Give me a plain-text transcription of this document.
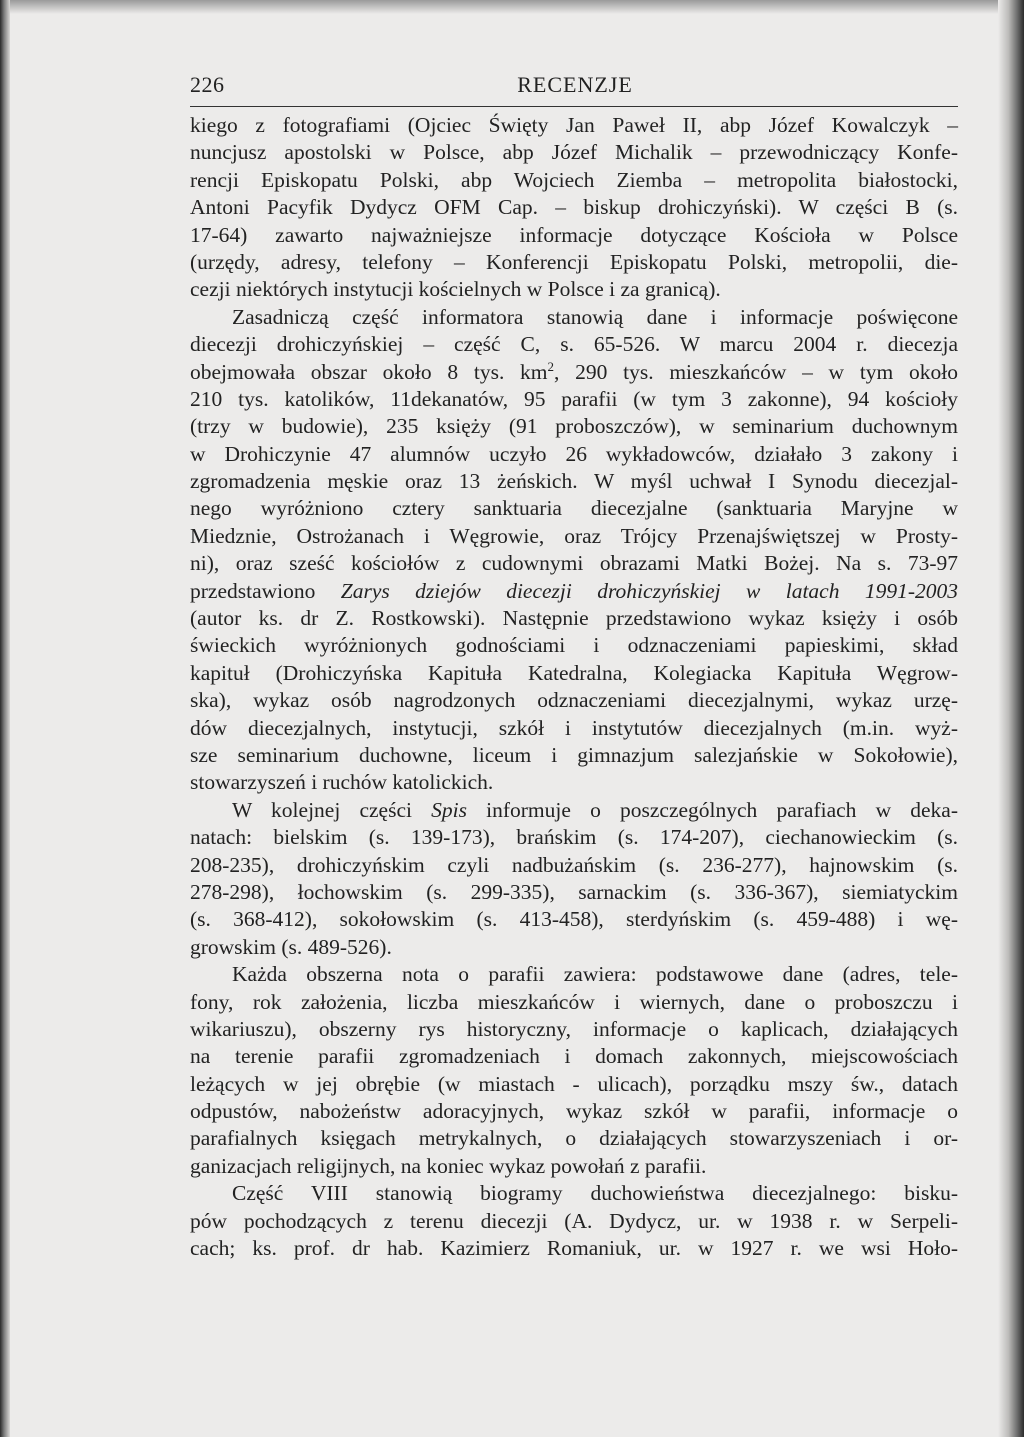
226	RECENZJE
kiego z fotografiami (Ojciec Święty Jan Paweł II, abp Józef Kowalczyk –
nuncjusz apostolski w Polsce, abp Józef Michalik – przewodniczący Konfe-
rencji Episkopatu Polski, abp Wojciech Ziemba – metropolita białostocki,
Antoni Pacyfik Dydycz OFM Cap. – biskup drohiczyński). W części B (s.
17-64) zawarto najważniejsze informacje dotyczące Kościoła w Polsce
(urzędy, adresy, telefony – Konferencji Episkopatu Polski, metropolii, die-
cezji niektórych instytucji kościelnych w Polsce i za granicą).
Zasadniczą część informatora stanowią dane i informacje poświęcone
diecezji drohiczyńskiej – część C, s. 65-526. W marcu 2004 r. diecezja
obejmowała obszar około 8 tys. $km^2$, 290 tys. mieszkańców – w tym około
210 tys. katolików, 11dekanatów, 95 parafii (w tym 3 zakonne), 94 kościoły
(trzy w budowie), 235 księży (91 proboszczów), w seminarium duchownym
w Drohiczynie 47 alumnów uczyło 26 wykładowców, działało 3 zakony i
zgromadzenia męskie oraz 13 żeńskich. W myśl uchwał I Synodu diecezjal-
nego wyróżniono cztery sanktuaria diecezjalne (sanktuaria Maryjne w
Miedznie, Ostrożanach i Węgrowie, oraz Trójcy Przenajświętszej w Prosty-
ni), oraz sześć kościołów z cudownymi obrazami Matki Bożej. Na s. 73-97
przedstawiono Zarys dziejów diecezji drohiczyńskiej w latach 1991-2003
(autor ks. dr Z. Rostkowski). Następnie przedstawiono wykaz księży i osób
świeckich wyróżnionych godnościami i odznaczeniami papieskimi, skład
kapituł (Drohiczyńska Kapituła Katedralna, Kolegiacka Kapituła Węgrow-
ska), wykaz osób nagrodzonych odznaczeniami diecezjalnymi, wykaz urzę-
dów diecezjalnych, instytucji, szkół i instytutów diecezjalnych (m.in. wyż-
sze seminarium duchowne, liceum i gimnazjum salezjańskie w Sokołowie),
stowarzyszeń i ruchów katolickich.
W kolejnej części Spis informuje o poszczególnych parafiach w deka-
natach: bielskim (s. 139-173), brańskim (s. 174-207), ciechanowieckim (s.
208-235), drohiczyńskim czyli nadbużańskim (s. 236-277), hajnowskim (s.
278-298), łochowskim (s. 299-335), sarnackim (s. 336-367), siemiatyckim
(s. 368-412), sokołowskim (s. 413-458), sterdyńskim (s. 459-488) i wę-
growskim (s. 489-526).
Każda obszerna nota o parafii zawiera: podstawowe dane (adres, tele-
fony, rok założenia, liczba mieszkańców i wiernych, dane o proboszczu i
wikariuszu), obszerny rys historyczny, informacje o kaplicach, działających
na terenie parafii zgromadzeniach i domach zakonnych, miejscowościach
leżących w jej obrębie (w miastach - ulicach), porządku mszy św., datach
odpustów, nabożeństw adoracyjnych, wykaz szkół w parafii, informacje o
parafialnych księgach metrykalnych, o działających stowarzyszeniach i or-
ganizacjach religijnych, na koniec wykaz powołań z parafii.
Część VIII stanowią biogramy duchowieństwa diecezjalnego: bisku-
pów pochodzących z terenu diecezji (A. Dydycz, ur. w 1938 r. w Serpeli-
cach; ks. prof. dr hab. Kazimierz Romaniuk, ur. w 1927 r. we wsi Hoło-
